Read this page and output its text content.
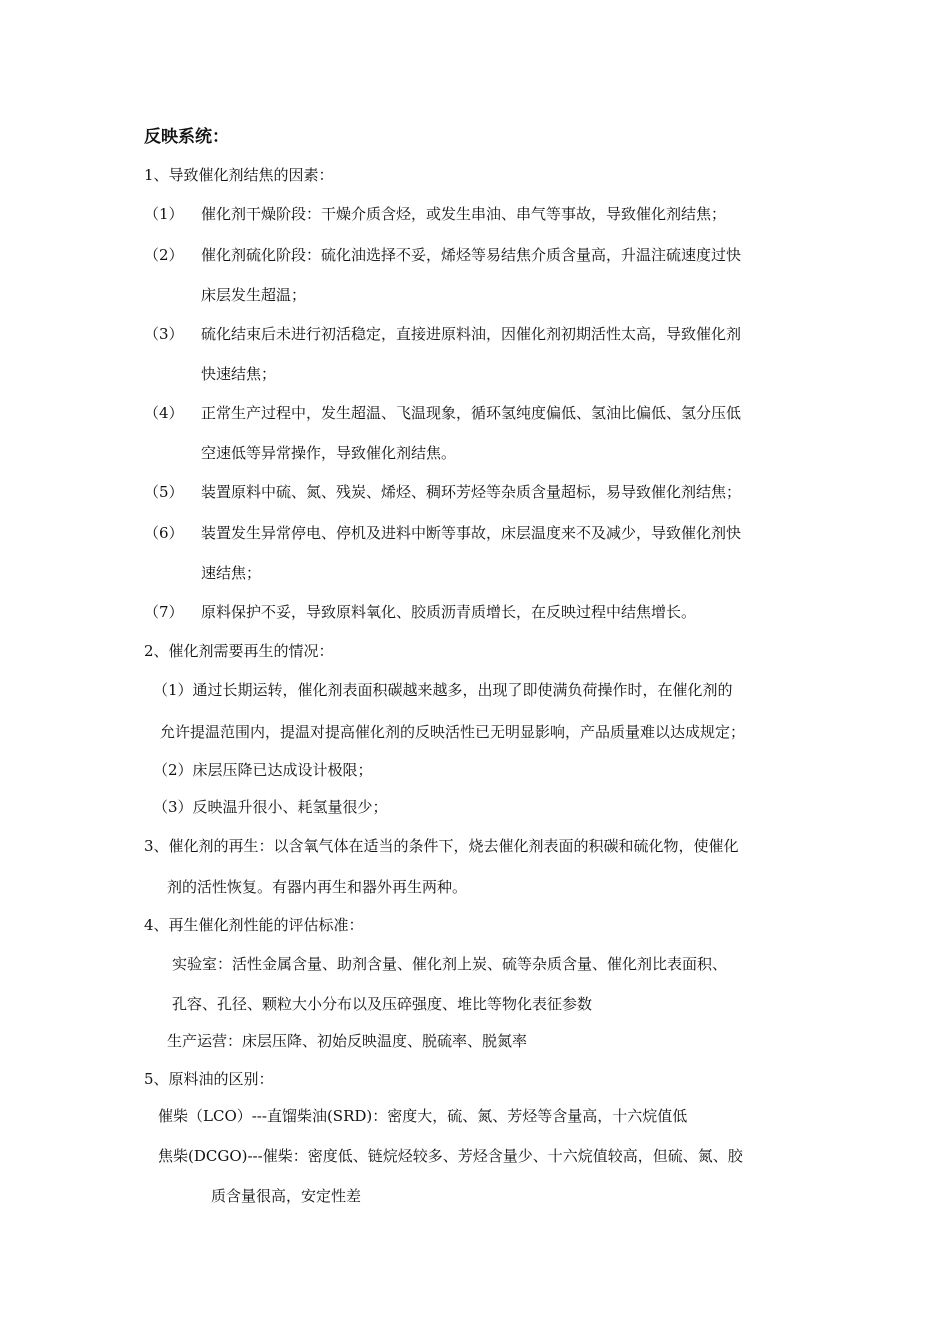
反映系统：
1、导致催化剂结焦的因素：
（1） 催化剂干燥阶段：干燥介质含烃，或发生串油、串气等事故，导致催化剂结焦；
（2） 催化剂硫化阶段：硫化油选择不妥，烯烃等易结焦介质含量高，升温注硫速度过快
床层发生超温；
（3） 硫化结束后未进行初活稳定，直接进原料油，因催化剂初期活性太高，导致催化剂
快速结焦；
（4） 正常生产过程中，发生超温、飞温现象，循环氢纯度偏低、氢油比偏低、氢分压低
空速低等异常操作，导致催化剂结焦。
（5） 装置原料中硫、氮、残炭、烯烃、稠环芳烃等杂质含量超标，易导致催化剂结焦；
（6） 装置发生异常停电、停机及进料中断等事故，床层温度来不及减少，导致催化剂快
速结焦；
（7） 原料保护不妥，导致原料氧化、胶质沥青质增长，在反映过程中结焦增长。
2、催化剂需要再生的情况：
（1）通过长期运转，催化剂表面积碳越来越多，出现了即使满负荷操作时，在催化剂的
允许提温范围内，提温对提高催化剂的反映活性已无明显影响，产品质量难以达成规定；
（2）床层压降已达成设计极限；
（3）反映温升很小、耗氢量很少；
3、催化剂的再生：以含氧气体在适当的条件下，烧去催化剂表面的积碳和硫化物，使催化
剂的活性恢复。有器内再生和器外再生两种。
4、再生催化剂性能的评估标准：
实验室：活性金属含量、助剂含量、催化剂上炭、硫等杂质含量、催化剂比表面积、
孔容、孔径、颗粒大小分布以及压碎强度、堆比等物化表征参数
生产运营：床层压降、初始反映温度、脱硫率、脱氮率
5、原料油的区别：
催柴（LCO）---直馏柴油(SRD)：密度大，硫、氮、芳烃等含量高，十六烷值低
焦柴(DCGO)---催柴：密度低、链烷烃较多、芳烃含量少、十六烷值较高，但硫、氮、胶
质含量很高，安定性差
